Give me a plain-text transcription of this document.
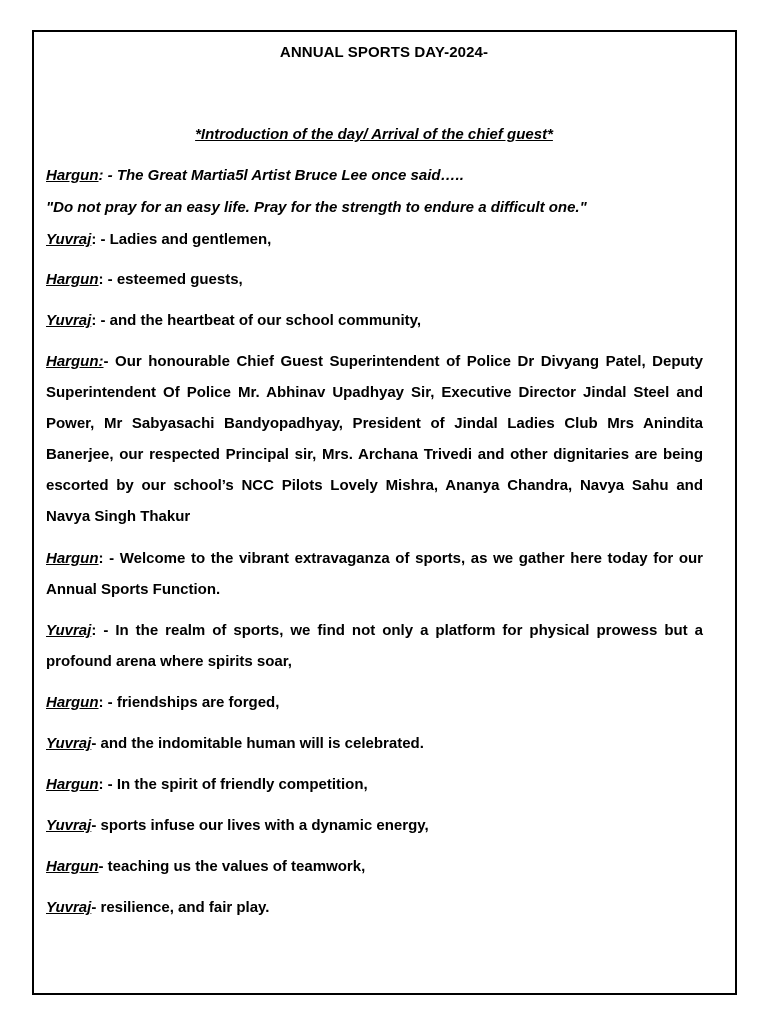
ANNUAL SPORTS DAY-2024-
*Introduction of the day/ Arrival of the chief guest*
Hargun: - The Great Martia5l Artist Bruce Lee once said…..
"Do not pray for an easy life. Pray for the strength to endure a difficult one."
Yuvraj: - Ladies and gentlemen,
Hargun: - esteemed guests,
Yuvraj: - and the heartbeat of our school community,
Hargun:- Our honourable Chief Guest Superintendent of Police Dr Divyang Patel, Deputy Superintendent Of Police Mr. Abhinav Upadhyay Sir, Executive Director Jindal Steel and Power, Mr Sabyasachi Bandyopadhyay, President of Jindal Ladies Club Mrs Anindita Banerjee, our respected Principal sir, Mrs. Archana Trivedi and other dignitaries are being escorted by our school’s NCC Pilots Lovely Mishra, Ananya Chandra, Navya Sahu and Navya Singh Thakur
Hargun: - Welcome to the vibrant extravaganza of sports, as we gather here today for our Annual Sports Function.
Yuvraj: - In the realm of sports, we find not only a platform for physical prowess but a profound arena where spirits soar,
Hargun: - friendships are forged,
Yuvraj- and the indomitable human will is celebrated.
Hargun: - In the spirit of friendly competition,
Yuvraj- sports infuse our lives with a dynamic energy,
Hargun- teaching us the values of teamwork,
Yuvraj- resilience, and fair play.
